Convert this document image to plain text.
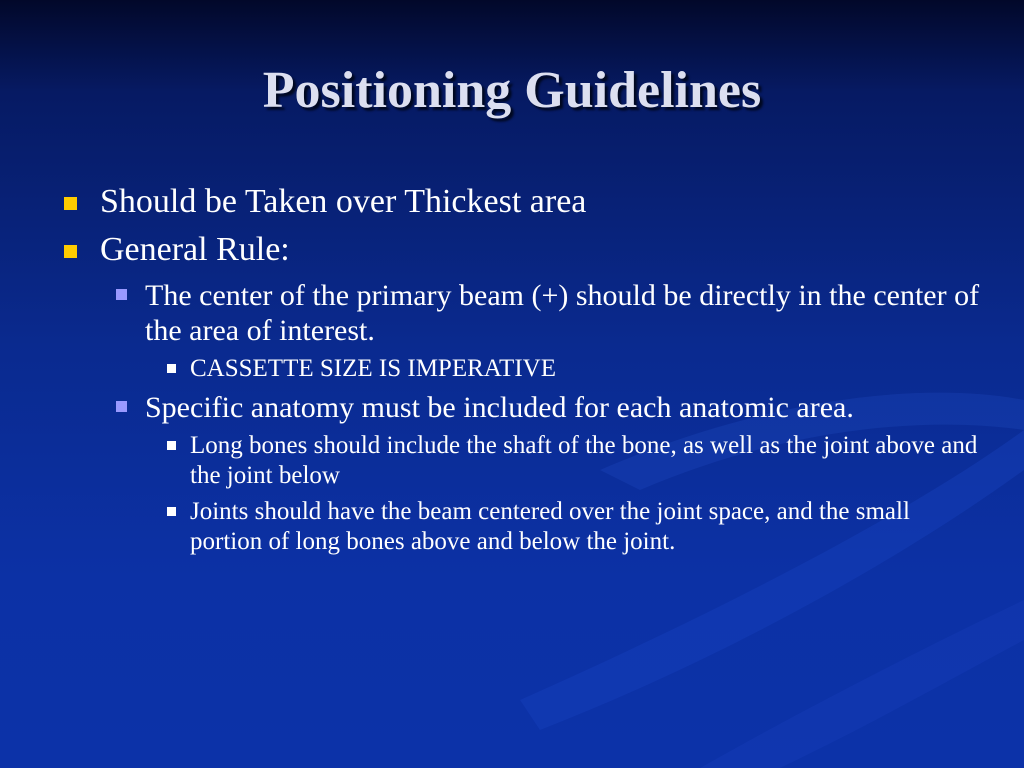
Positioning Guidelines
Should be Taken over Thickest area
General Rule:
The center of the primary beam (+) should be directly in the center of the area of interest.
CASSETTE SIZE IS IMPERATIVE
Specific anatomy must be included for each anatomic area.
Long bones should include the shaft of the bone, as well as the joint above and the joint below
Joints should have the beam centered over the joint space, and the small portion of long bones above and below the joint.
